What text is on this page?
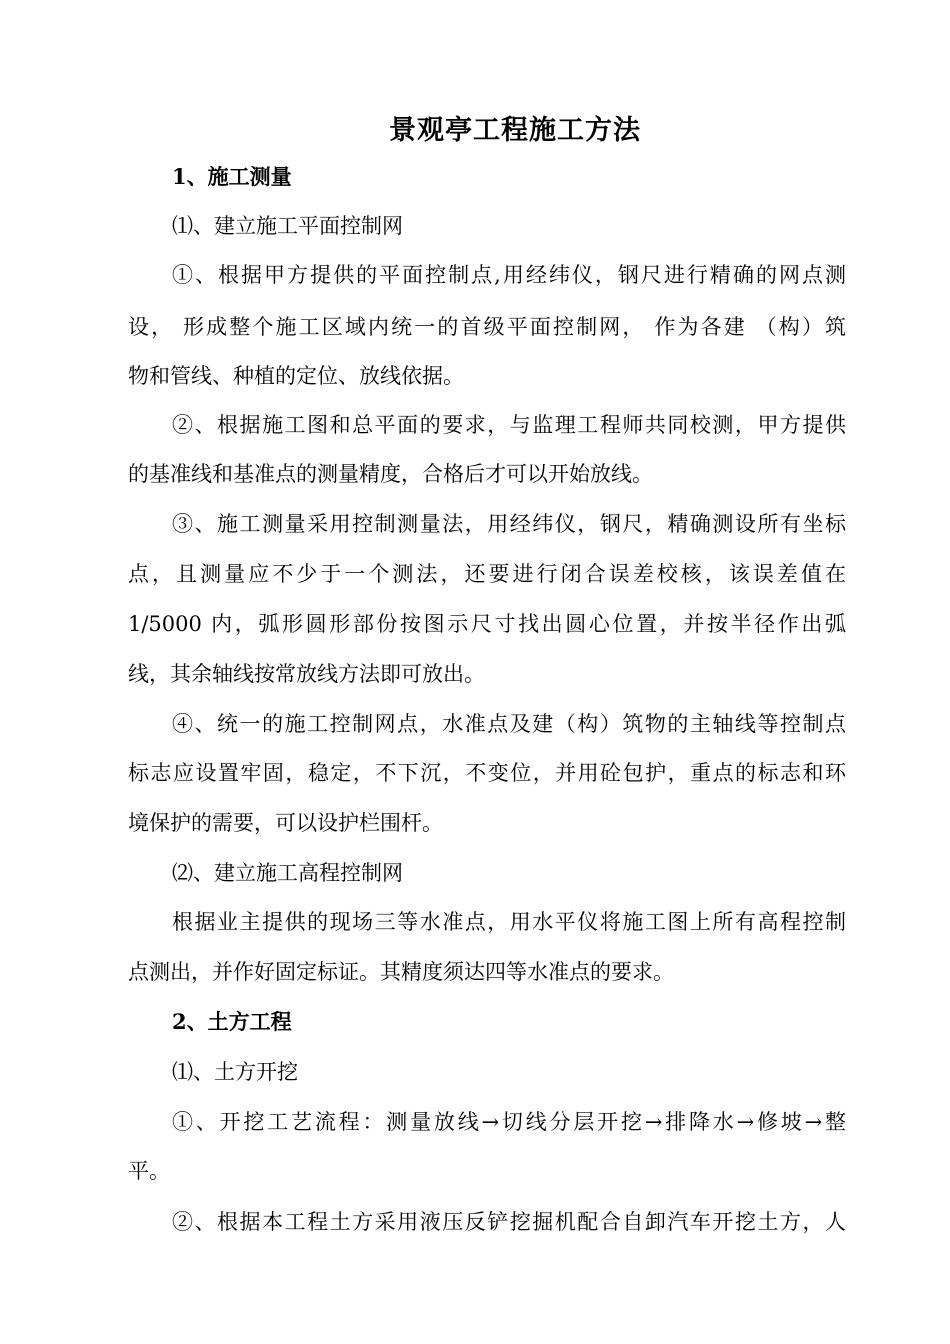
景观亭工程施工方法
1、施工测量
⑴、建立施工平面控制网
①、根据甲方提供的平面控制点,用经纬仪，钢尺进行精确的网点测
设， 形成整个施工区域内统一的首级平面控制网， 作为各建 （构）筑
物和管线、种植的定位、放线依据。
②、根据施工图和总平面的要求，与监理工程师共同校测，甲方提供
的基准线和基准点的测量精度，合格后才可以开始放线。
③、施工测量采用控制测量法，用经纬仪，钢尺，精确测设所有坐标
点，且测量应不少于一个测法，还要进行闭合误差校核，该误差值在
1/5000 内，弧形圆形部份按图示尺寸找出圆心位置，并按半径作出弧
线，其余轴线按常放线方法即可放出。
④、统一的施工控制网点，水准点及建（构）筑物的主轴线等控制点
标志应设置牢固，稳定，不下沉，不变位，并用砼包护，重点的标志和环
境保护的需要，可以设护栏围杆。
⑵、建立施工高程控制网
根据业主提供的现场三等水准点，用水平仪将施工图上所有高程控制
点测出，并作好固定标证。其精度须达四等水准点的要求。
2、土方工程
⑴、土方开挖
①、开挖工艺流程：测量放线→切线分层开挖→排降水→修坡→整
平。
②、根据本工程土方采用液压反铲挖掘机配合自卸汽车开挖土方，人
